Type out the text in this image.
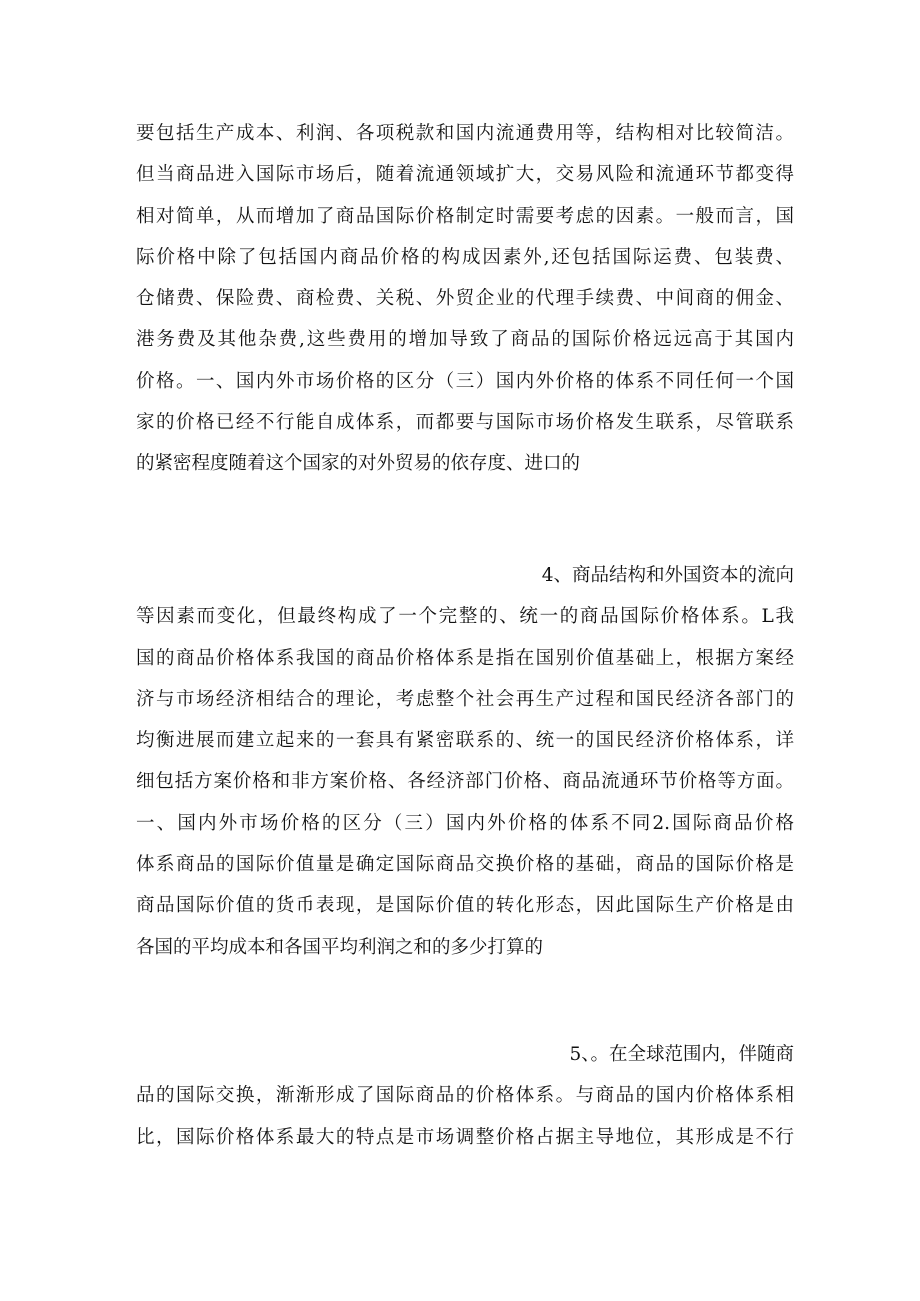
要包括生产成本、利润、各项税款和国内流通费用等，结构相对比较简洁。
但当商品进入国际市场后，随着流通领域扩大，交易风险和流通环节都变得
相对简单，从而增加了商品国际价格制定时需要考虑的因素。一般而言，国
际价格中除了包括国内商品价格的构成因素外,还包括国际运费、包装费、
仓储费、保险费、商检费、关税、外贸企业的代理手续费、中间商的佣金、
港务费及其他杂费,这些费用的增加导致了商品的国际价格远远高于其国内
价格。一、国内外市场价格的区分（三）国内外价格的体系不同任何一个国
家的价格已经不行能自成体系，而都要与国际市场价格发生联系，尽管联系
的紧密程度随着这个国家的对外贸易的依存度、进口的
4、商品结构和外国资本的流向
等因素而变化，但最终构成了一个完整的、统一的商品国际价格体系。L我
国的商品价格体系我国的商品价格体系是指在国别价值基础上，根据方案经
济与市场经济相结合的理论，考虑整个社会再生产过程和国民经济各部门的
均衡进展而建立起来的一套具有紧密联系的、统一的国民经济价格体系，详
细包括方案价格和非方案价格、各经济部门价格、商品流通环节价格等方面。
一、国内外市场价格的区分（三）国内外价格的体系不同2.国际商品价格
体系商品的国际价值量是确定国际商品交换价格的基础，商品的国际价格是
商品国际价值的货币表现，是国际价值的转化形态，因此国际生产价格是由
各国的平均成本和各国平均利润之和的多少打算的
5、。在全球范围内，伴随商
品的国际交换，渐渐形成了国际商品的价格体系。与商品的国内价格体系相
比，国际价格体系最大的特点是市场调整价格占据主导地位，其形成是不行
